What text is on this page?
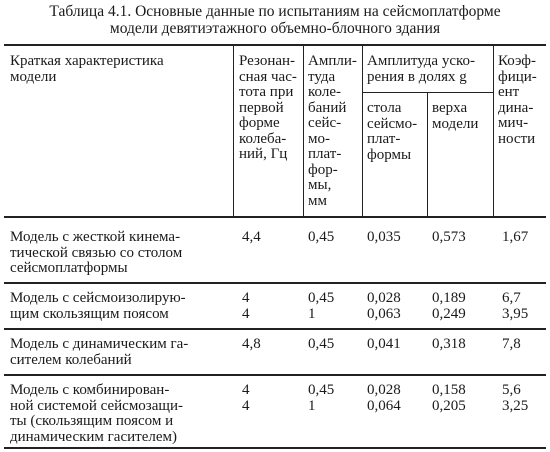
Таблица 4.1. Основные данные по испытаниям на сейсмоплатформе
модели девятиэтажного объемно-блочного здания
Краткая характеристика
модели
Резонан-
сная час-
тота при
первой
форме
колеба-
ний, Гц
Ампли-
туда
коле-
баний
сейс-
мо-
плат-
фор-
мы,
мм
Амплитуда уско-
рения в долях g
стола
сейсмо-
плат-
формы
верха
модели
Коэф-
фици-
ент
дина-
мич-
ности
Модель с жесткой кинема-
тической связью со столом
сейсмоплатформы
4,4	0,45 0,035 0,573 1,67
Модель с сейсмоизолирую-
щим скользящим поясом
4
4
0,45
1
0,028
0,063
0,189
0,249
6,7
3,95
Модель с динамическим га-
сителем колебаний
4,8	0,45 0,041 0,318 7,8
Модель с комбинирован-
ной системой сейсмозащи-
ты (скользящим поясом и
динамическим гасителем)
4
4
0,45
1
0,028
0,064
0,158
0,205
5,6
3,25
